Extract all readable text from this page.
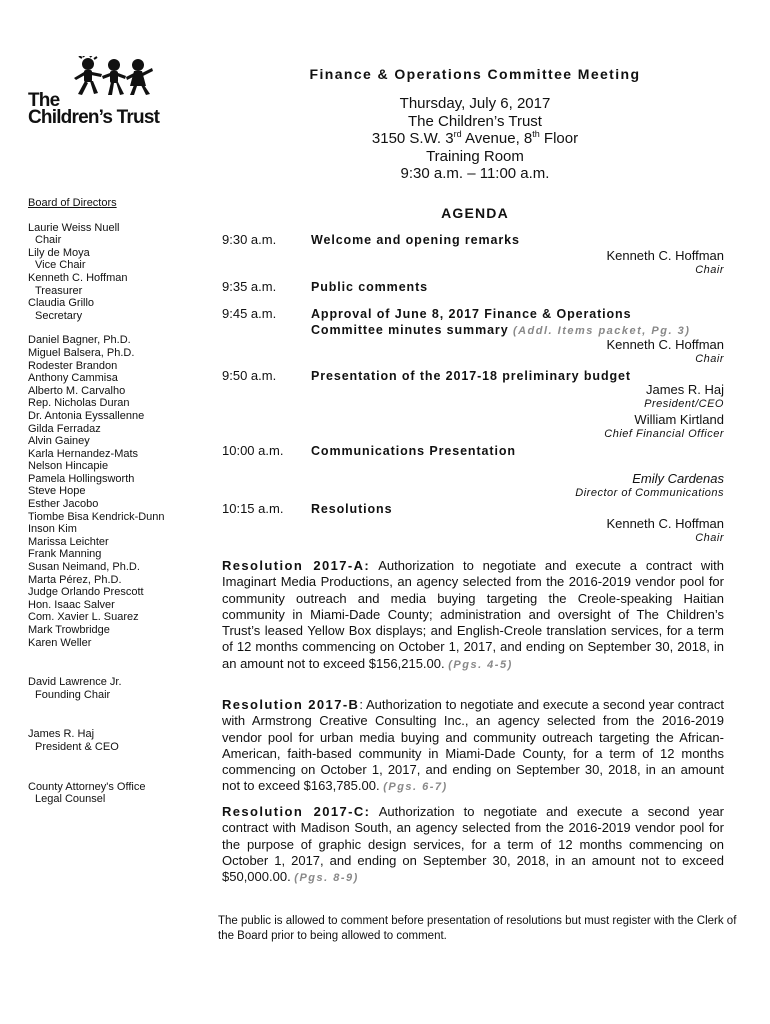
The
Children’s Trust
Finance & Operations Committee Meeting
Thursday, July 6, 2017
The Children’s Trust
3150 S.W. 3rd Avenue, 8th Floor
Training Room
9:30 a.m. – 11:00 a.m.
Board of Directors
Laurie Weiss Nuell
Chair
Lily de Moya
Vice Chair
Kenneth C. Hoffman
Treasurer
Claudia Grillo
Secretary
Daniel Bagner, Ph.D.
Miguel Balsera, Ph.D.
Rodester Brandon
Anthony Cammisa
Alberto M. Carvalho
Rep. Nicholas Duran
Dr. Antonia Eyssallenne
Gilda Ferradaz
Alvin Gainey
Karla Hernandez-Mats
Nelson Hincapie
Pamela Hollingsworth
Steve Hope
Esther Jacobo
Tiombe Bisa Kendrick-Dunn
Inson Kim
Marissa Leichter
Frank Manning
Susan Neimand, Ph.D.
Marta Pérez, Ph.D.
Judge Orlando Prescott
Hon. Isaac Salver
Com. Xavier L. Suarez
Mark Trowbridge
Karen Weller
David Lawrence Jr.
Founding Chair
James R. Haj
President & CEO
County Attorney's Office
Legal Counsel
AGENDA
9:30 a.m.	Welcome and opening remarks
Kenneth C. Hoffman
Chair
9:35 a.m.	Public comments
9:45 a.m.	Approval of June 8, 2017 Finance & Operations
Committee minutes summary (Addl. Items packet, Pg. 3)
Kenneth C. Hoffman
Chair
9:50 a.m.	Presentation of the 2017-18 preliminary budget
James R. Haj
President/CEO
William Kirtland
Chief Financial Officer
10:00 a.m. Communications Presentation
Emily Cardenas
Director of Communications
10:15 a.m. Resolutions
Kenneth C. Hoffman
Chair
Resolution 2017-A: Authorization to negotiate and execute a contract with Imaginart Media Productions, an agency selected from the 2016-2019 vendor pool for community outreach and media buying targeting the Creole-speaking Haitian community in Miami-Dade County; administration and oversight of The Children’s Trust’s leased Yellow Box displays; and English-Creole translation services, for a term of 12 months commencing on October 1, 2017, and ending on September 30, 2018, in an amount not to exceed $156,215.00. (Pgs. 4-5)
Resolution 2017-B: Authorization to negotiate and execute a second year contract with Armstrong Creative Consulting Inc., an agency selected from the 2016-2019 vendor pool for urban media buying and community outreach targeting the African-American, faith-based community in Miami-Dade County, for a term of 12 months commencing on October 1, 2017, and ending on September 30, 2018, in an amount not to exceed $163,785.00. (Pgs. 6-7)
Resolution 2017-C: Authorization to negotiate and execute a second year contract with Madison South, an agency selected from the 2016-2019 vendor pool for the purpose of graphic design services, for a term of 12 months commencing on October 1, 2017, and ending on September 30, 2018, in an amount not to exceed $50,000.00. (Pgs. 8-9)
The public is allowed to comment before presentation of resolutions but must register with the Clerk of the Board prior to being allowed to comment.
